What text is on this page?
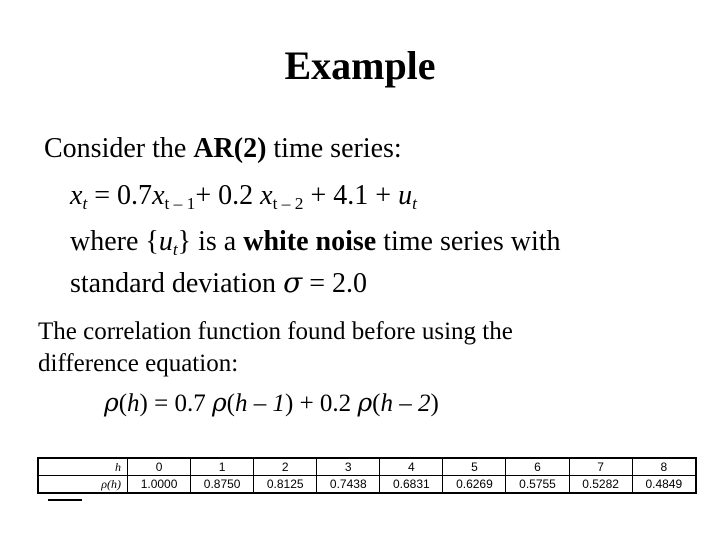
Example
Consider the AR(2) time series:
$x_t = 0.7x_{t - 1}+ 0.2$ $x_{t - 2} + 4.1 + u_t$
where $\{u_t\}$ is a white noise time series with
standard deviation σ = 2.0
The correlation function found before using the
difference equation:
ρ(h) = 0.7 ρ(h – 1) + 0.2 ρ(h – 2)
h	0	1	2	3	4	5	6	7	8
ρ(h)	1.0000	0.8750	0.8125	0.7438	0.6831	0.6269	0.5755	0.5282	0.4849
